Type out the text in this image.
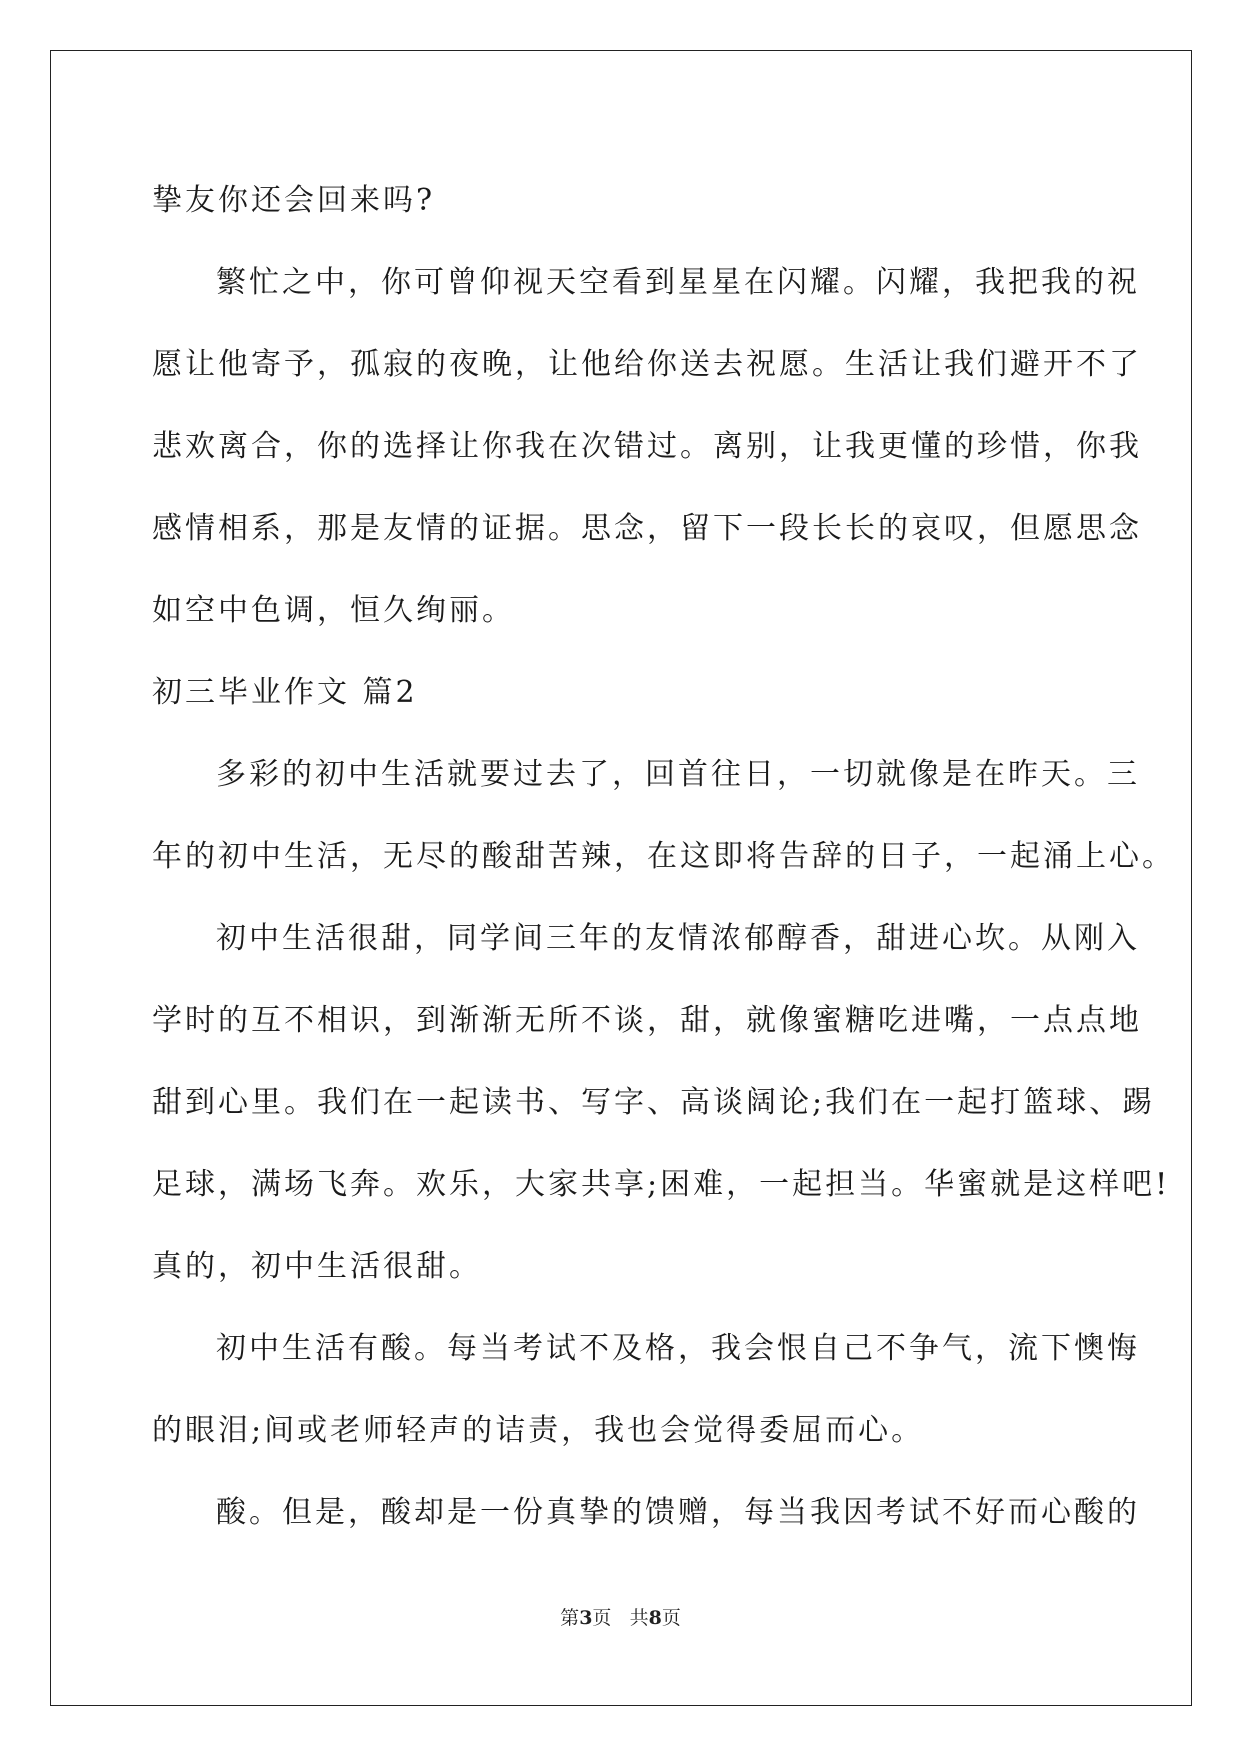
挚友你还会回来吗?
繁忙之中，你可曾仰视天空看到星星在闪耀。闪耀，我把我的祝
愿让他寄予，孤寂的夜晚，让他给你送去祝愿。生活让我们避开不了
悲欢离合，你的选择让你我在次错过。离别，让我更懂的珍惜，你我
感情相系，那是友情的证据。思念，留下一段长长的哀叹，但愿思念
如空中色调，恒久绚丽。
初三毕业作文 篇2
多彩的初中生活就要过去了，回首往日，一切就像是在昨天。三
年的初中生活，无尽的酸甜苦辣，在这即将告辞的日子，一起涌上心。
初中生活很甜，同学间三年的友情浓郁醇香，甜进心坎。从刚入
学时的互不相识，到渐渐无所不谈，甜，就像蜜糖吃进嘴，一点点地
甜到心里。我们在一起读书、写字、高谈阔论;我们在一起打篮球、踢
足球，满场飞奔。欢乐，大家共享;困难，一起担当。华蜜就是这样吧!
真的，初中生活很甜。
初中生活有酸。每当考试不及格，我会恨自己不争气，流下懊悔
的眼泪;间或老师轻声的诘责，我也会觉得委屈而心。
酸。但是，酸却是一份真挚的馈赠，每当我因考试不好而心酸的
第3页 共8页
